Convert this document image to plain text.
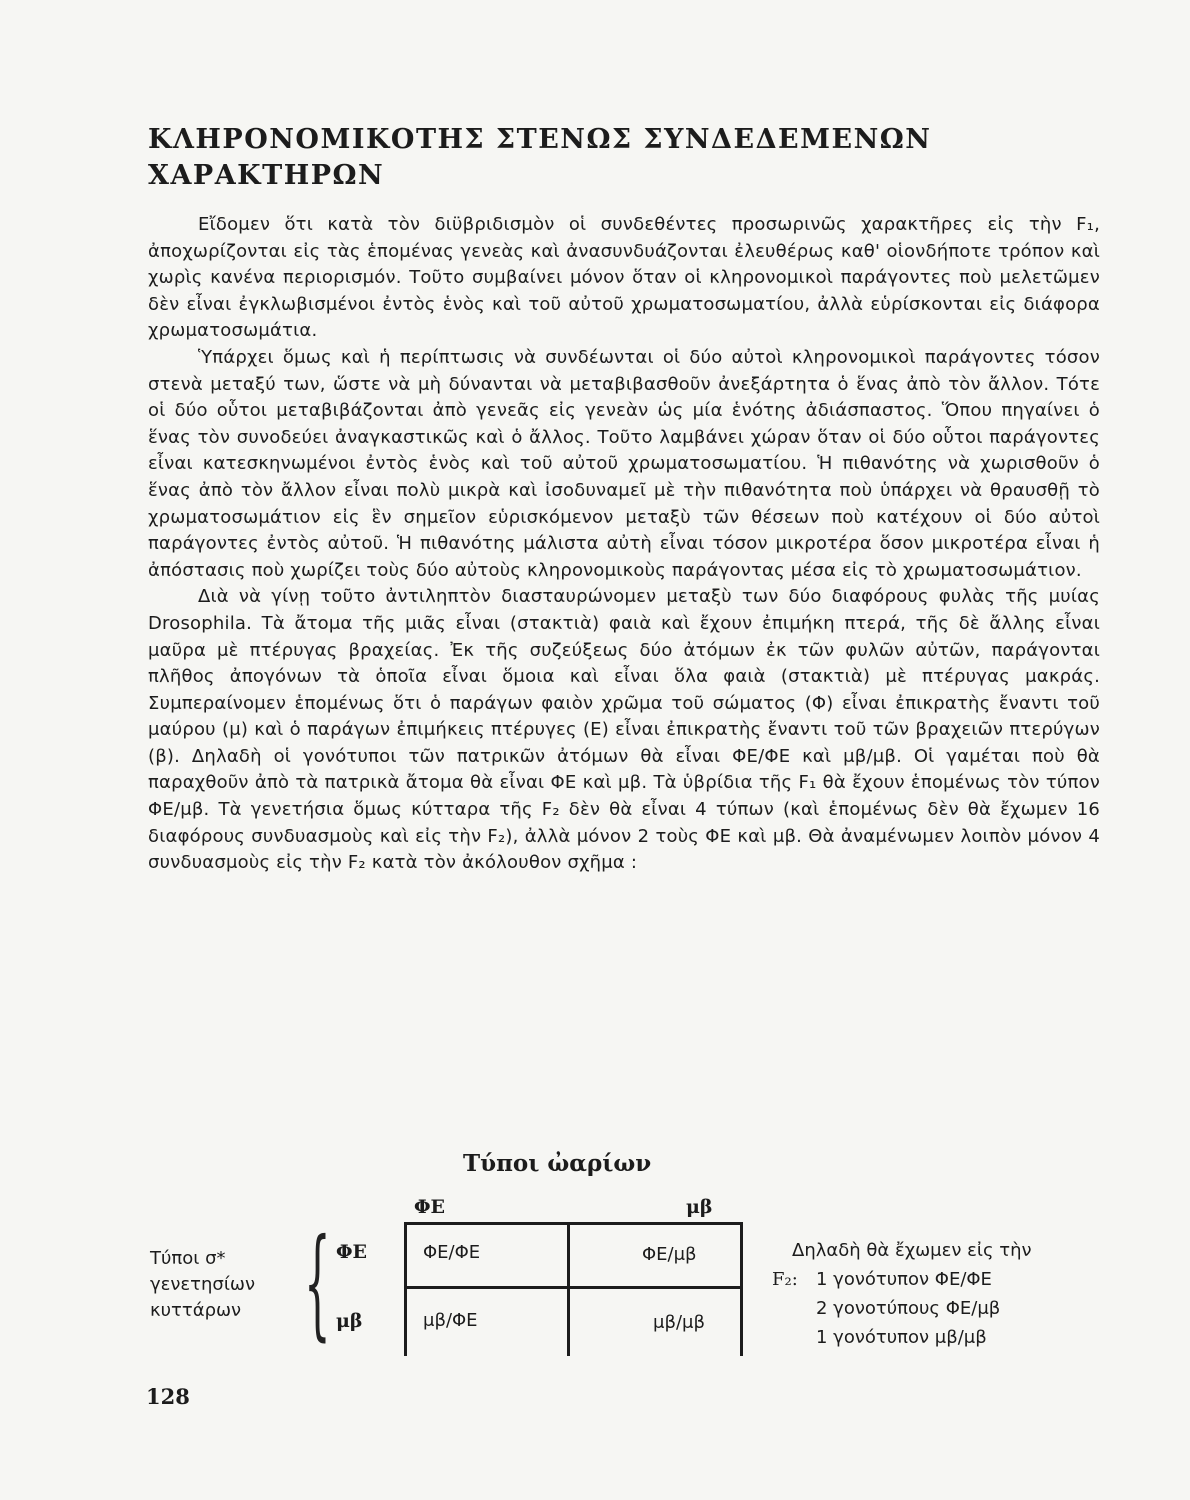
ΚΛΗΡΟΝΟΜΙΚΟΤΗΣ ΣΤΕΝΩΣ ΣΥΝΔΕΔΕΜΕΝΩΝ
ΧΑΡΑΚΤΗΡΩΝ

Εἴδομεν ὅτι κατὰ τὸν διϋβριδισμὸν οἱ συνδεθέντες προσωρινῶς χαρακτῆρες εἰς τὴν F₁, ἀποχωρίζονται εἰς τὰς ἑπομένας γενεὰς καὶ ἀνασυνδυάζονται ἐλευθέρως καθ' οἱονδήποτε τρόπον καὶ χωρὶς κανένα περιορισμόν. Τοῦτο συμβαίνει μόνον ὅταν οἱ κληρονομικοὶ παράγοντες ποὺ μελετῶμεν δὲν εἶναι ἐγκλωβισμένοι ἐντὸς ἑνὸς καὶ τοῦ αὐτοῦ χρωματοσωματίου, ἀλλὰ εὑρίσκονται εἰς διάφορα χρωματοσωμάτια.

Ὑπάρχει ὅμως καὶ ἡ περίπτωσις νὰ συνδέωνται οἱ δύο αὐτοὶ κληρονομικοὶ παράγοντες τόσον στενὰ μεταξύ των, ὥστε νὰ μὴ δύνανται νὰ μεταβιβασθοῦν ἀνεξάρτητα ὁ ἕνας ἀπὸ τὸν ἄλλον. Τότε οἱ δύο οὗτοι μεταβιβάζονται ἀπὸ γενεᾶς εἰς γενεὰν ὡς μία ἑνότης ἀδιάσπαστος. Ὅπου πηγαίνει ὁ ἕνας τὸν συνοδεύει ἀναγκαστικῶς καὶ ὁ ἄλλος. Τοῦτο λαμβάνει χώραν ὅταν οἱ δύο οὗτοι παράγοντες εἶναι κατεσκηνωμένοι ἐντὸς ἑνὸς καὶ τοῦ αὐτοῦ χρωματοσωματίου. Ἡ πιθανότης νὰ χωρισθοῦν ὁ ἕνας ἀπὸ τὸν ἄλλον εἶναι πολὺ μικρὰ καὶ ἰσοδυναμεῖ μὲ τὴν πιθανότητα ποὺ ὑπάρχει νὰ θραυσθῇ τὸ χρωματοσωμάτιον εἰς ἓν σημεῖον εὑρισκόμενον μεταξὺ τῶν θέσεων ποὺ κατέχουν οἱ δύο αὐτοὶ παράγοντες ἐντὸς αὐτοῦ. Ἡ πιθανότης μάλιστα αὐτὴ εἶναι τόσον μικροτέρα ὅσον μικροτέρα εἶναι ἡ ἀπόστασις ποὺ χωρίζει τοὺς δύο αὐτοὺς κληρονομικοὺς παράγοντας μέσα εἰς τὸ χρωματοσωμάτιον.

Διὰ νὰ γίνῃ τοῦτο ἀντιληπτὸν διασταυρώνομεν μεταξὺ των δύο διαφόρους φυλὰς τῆς μυίας Drosophila. Τὰ ἄτομα τῆς μιᾶς εἶναι (στακτιὰ) φαιὰ καὶ ἔχουν ἐπιμήκη πτερά, τῆς δὲ ἄλλης εἶναι μαῦρα μὲ πτέρυγας βραχείας. Ἐκ τῆς συζεύξεως δύο ἀτόμων ἐκ τῶν φυλῶν αὐτῶν, παράγονται πλῆθος ἀπογόνων τὰ ὁποῖα εἶναι ὅμοια καὶ εἶναι ὅλα φαιὰ (στακτιὰ) μὲ πτέρυγας μακράς. Συμπεραίνομεν ἑπομένως ὅτι ὁ παράγων φαιὸν χρῶμα τοῦ σώματος (Φ) εἶναι ἐπικρατὴς ἔναντι τοῦ μαύρου (μ) καὶ ὁ παράγων ἐπιμήκεις πτέρυγες (Ε) εἶναι ἐπικρατὴς ἔναντι τοῦ τῶν βραχειῶν πτερύγων (β). Δηλαδὴ οἱ γονότυποι τῶν πατρικῶν ἀτόμων θὰ εἶναι ΦΕ/ΦΕ καὶ μβ/μβ. Οἱ γαμέται ποὺ θὰ παραχθοῦν ἀπὸ τὰ πατρικὰ ἄτομα θὰ εἶναι ΦΕ καὶ μβ. Τὰ ὑβρίδια τῆς F₁ θὰ ἔχουν ἑπομένως τὸν τύπον ΦΕ/μβ. Τὰ γενετήσια ὅμως κύτταρα τῆς F₂ δὲν θὰ εἶναι 4 τύπων (καὶ ἑπομένως δὲν θὰ ἔχωμεν 16 διαφόρους συνδυασμοὺς καὶ εἰς τὴν F₂), ἀλλὰ μόνον 2 τοὺς ΦΕ καὶ μβ. Θὰ ἀναμένωμεν λοιπὸν μόνον 4 συνδυασμοὺς εἰς τὴν F₂ κατὰ τὸν ἀκόλουθον σχῆμα :

Τύποι ὠαρίων
ΦΕ	μβ
Τύποι σ*
γενετησίων
κυττάρων { ΦΕ
μβ
ΦΕ/ΦΕ	ΦΕ/μβ
μβ/ΦΕ	μβ/μβ
Δηλαδὴ θὰ ἔχωμεν εἰς τὴν
F₂: 1 γονότυπον ΦΕ/ΦΕ
2 γονοτύπους ΦΕ/μβ
1 γονότυπον μβ/μβ
128
